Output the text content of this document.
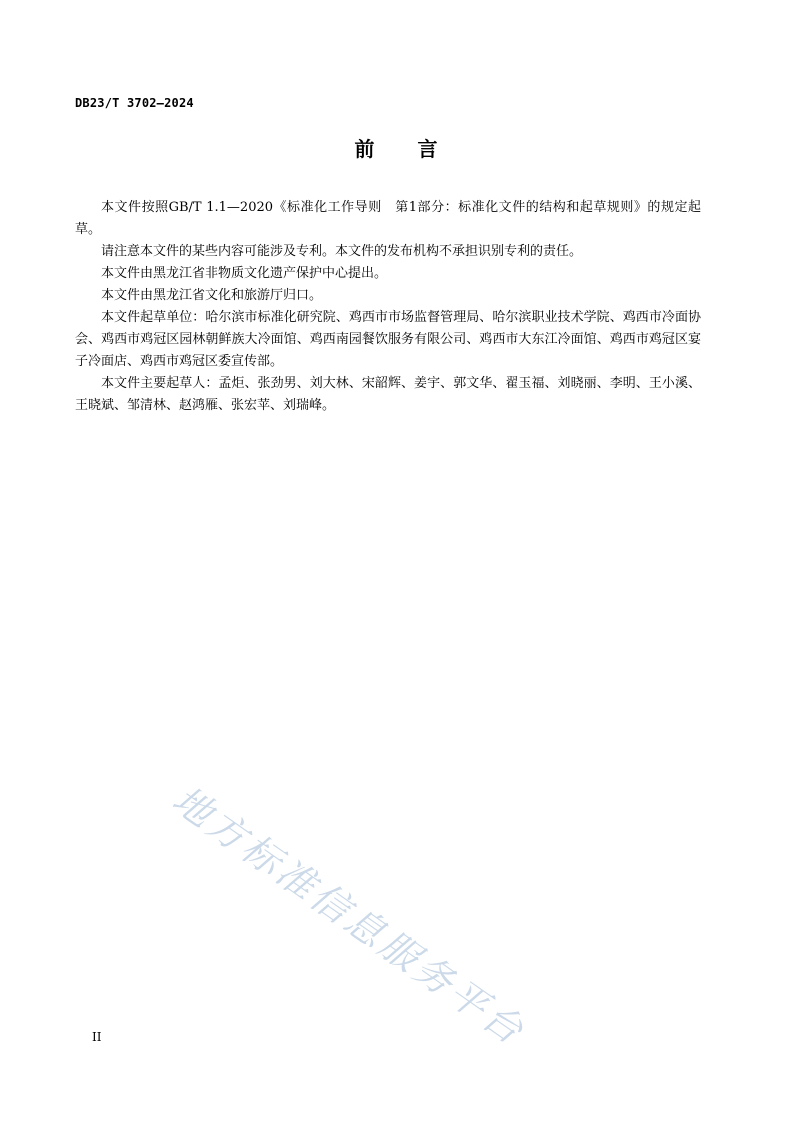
DB23/T 3702—2024
前　　言

本文件按照GB/T 1.1—2020《标准化工作导则　第1部分：标准化文件的结构和起草规则》的规定起草。

请注意本文件的某些内容可能涉及专利。本文件的发布机构不承担识别专利的责任。

本文件由黑龙江省非物质文化遗产保护中心提出。

本文件由黑龙江省文化和旅游厅归口。

本文件起草单位：哈尔滨市标准化研究院、鸡西市市场监督管理局、哈尔滨职业技术学院、鸡西市冷面协会、鸡西市鸡冠区园林朝鲜族大冷面馆、鸡西南园餐饮服务有限公司、鸡西市大东江冷面馆、鸡西市鸡冠区宴子冷面店、鸡西市鸡冠区委宣传部。

本文件主要起草人：孟炬、张劲男、刘大林、宋韶辉、姜宇、郭文华、翟玉福、刘晓丽、李明、王小溪、王晓斌、邹清林、赵鸿雁、张宏苹、刘瑞峰。

地方标准信息服务平台
II
